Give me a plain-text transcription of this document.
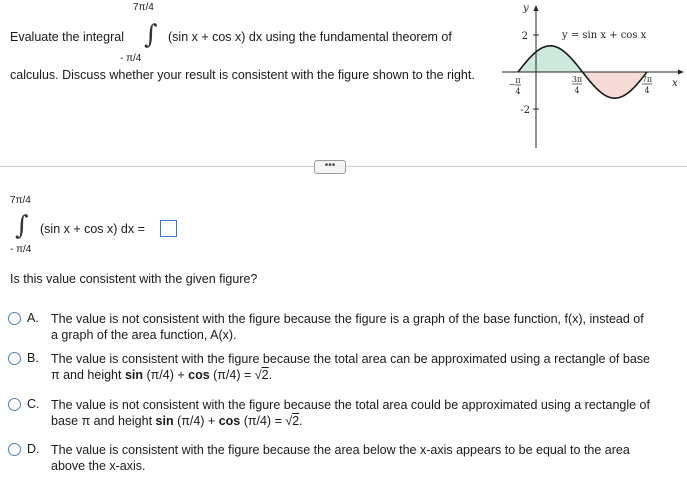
7π/4
Evaluate the integral ∫ (sin x + cos x) dx using the fundamental theorem of
- π/4
calculus. Discuss whether your result is consistent with the figure shown to the right.
2
-2
y
x
y = sin x + cos x
− π
4
3π
4
7π
4
•••
7π/4
∫ (sin x + cos x) dx =
- π/4
Is this value consistent with the given figure?
A. The value is not consistent with the figure because the figure is a graph of the base function, f(x), instead of
a graph of the area function, A(x).
B. The value is consistent with the figure because the total area can be approximated using a rectangle of base
π and height sin (π/4) + cos (π/4) = √2.
C. The value is not consistent with the figure because the total area could be approximated using a rectangle of
base π and height sin (π/4) + cos (π/4) = √2.
D. The value is consistent with the figure because the area below the x-axis appears to be equal to the area
above the x-axis.
